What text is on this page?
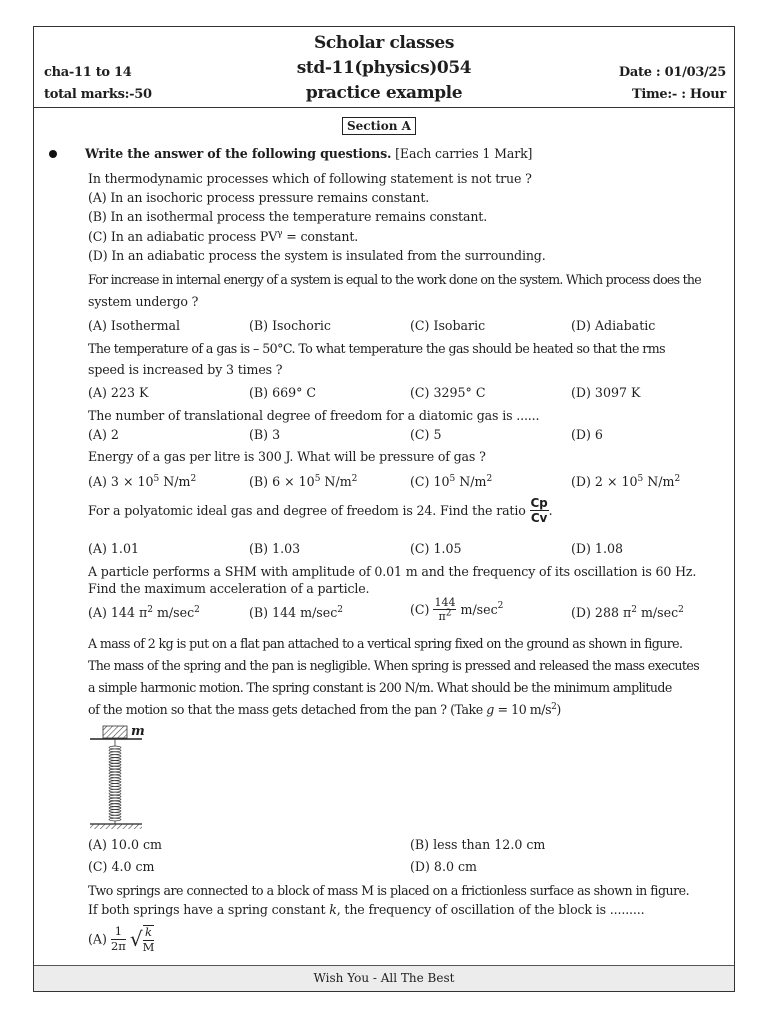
Wish You - All The Best
Scholar classes
std-11(physics)054
practice example
cha-11 to 14
total marks:-50
Date : 01/03/25
Time:- : Hour
Section A
Write the answer of the following questions. [Each carries 1 Mark]
In thermodynamic processes which of following statement is not true ?
(A) In an isochoric process pressure remains constant.
(B) In an isothermal process the temperature remains constant.
(C) In an adiabatic process $PV^\gamma$ = constant.
(D) In an adiabatic process the system is insulated from the surrounding.
For increase in internal energy of a system is equal to the work done on the system. Which process does the
system undergo ?
(A) Isothermal	(B) Isochoric	(C) Isobaric	(D) Adiabatic
The temperature of a gas is – 50°C. To what temperature the gas should be heated so that the rms
speed is increased by 3 times ?
(A) 223 K	(B) 669° C	(C) 3295° C	(D) 3097 K
The number of translational degree of freedom for a diatomic gas is ......
(A) 2	(B) 3	(C) 5	(D) 6
Energy of a gas per litre is 300 J. What will be pressure of gas ?
(A) $3 \times 10^5$ $N/m^2$	(B) $6 \times 10^5$ $N/m^2$	(C) $10^5$ $N/m^2$	(D) $2 \times 10^5$ $N/m^2$
For a polyatomic ideal gas and degree of freedom is 24. Find the ratio $\frac{Cp}{Cv}$ .
(A) 1.01	(B) 1.03	(C) 1.05	(D) 1.08
A particle performs a SHM with amplitude of 0.01 m and the frequency of its oscillation is 60 Hz.
Find the maximum acceleration of a particle.
(A) 144 $\pi^2$ $m/\sec^2$	(B) 144 $m/\sec^2$	$(C) \frac{144}{\pi^2} m/\sec^2$	(D) 288 $\pi^2$ $m/\sec^2$
A mass of 2 kg is put on a flat pan attached to a vertical spring fixed on the ground as shown in figure.
The mass of the spring and the pan is negligible. When spring is pressed and released the mass executes
a simple harmonic motion. The spring constant is 200 N/m. What should be the minimum amplitude
of the motion so that the mass gets detached from the pan ? (Take g = 10 $m/s^2$)
m
(A) 10.0 cm	(B) less than 12.0 cm
(C) 4.0 cm	(D) 8.0 cm
Two springs are connected to a block of mass M is placed on a frictionless surface as shown in figure.
If both springs have a spring constant k, the frequency of oscillation of the block is .........
$(A) \frac{1}{2\pi}$ √ $\frac{k}{M}$
